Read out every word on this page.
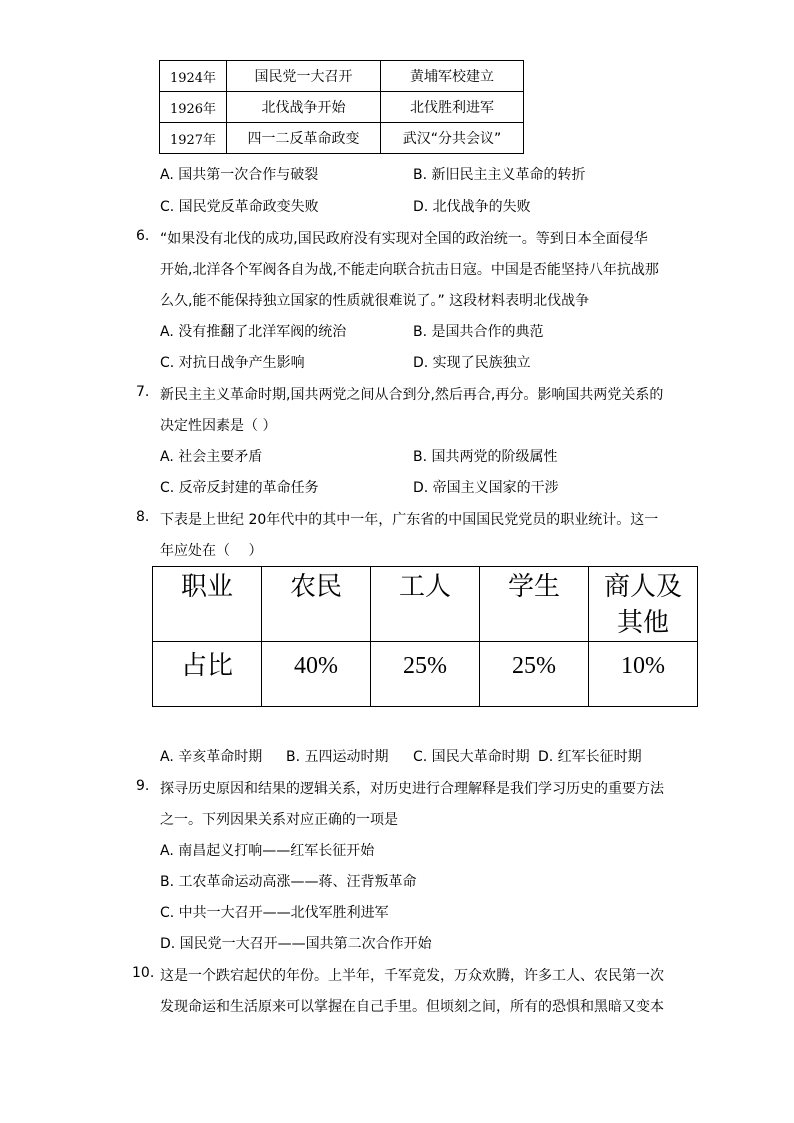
1924年	国民党一大召开	黄埔军校建立
1926年	北伐战争开始	北伐胜利进军
1927年	四一二反革命政变	武汉“分共会议”
A. 国共第一次合作与破裂	B. 新旧民主主义革命的转折
C. 国民党反革命政变失败	D. 北伐战争的失败
6. “如果没有北伐的成功,国民政府没有实现对全国的政治统一。等到日本全面侵华
开始,北洋各个军阀各自为战,不能走向联合抗击日寇。中国是否能坚持八年抗战那
么久,能不能保持独立国家的性质就很难说了。” 这段材料表明北伐战争
A. 没有推翻了北洋军阀的统治	B. 是国共合作的典范
C. 对抗日战争产生影响	D. 实现了民族独立
7. 新民主主义革命时期,国共两党之间从合到分,然后再合,再分。影响国共两党关系的
决定性因素是（ ）
A. 社会主要矛盾	B. 国共两党的阶级属性
C. 反帝反封建的革命任务	D. 帝国主义国家的干涉
8. 下表是上世纪 20年代中的其中一年，广东省的中国国民党党员的职业统计。这一
年应处在（　 ）
职业	农民	工人	学生	商人及
其他

占比	40%	25%	25%	10%
A. 辛亥革命时期 B. 五四运动时期 C. 国民大革命时期 D. 红军长征时期
9. 探寻历史原因和结果的逻辑关系，对历史进行合理解释是我们学习历史的重要方法
之一。下列因果关系对应正确的一项是
A. 南昌起义打响——红军长征开始
B. 工农革命运动高涨——蒋、汪背叛革命
C. 中共一大召开——北伐军胜利进军
D. 国民党一大召开——国共第二次合作开始
10. 这是一个跌宕起伏的年份。上半年，千军竞发，万众欢腾，许多工人、农民第一次
发现命运和生活原来可以掌握在自己手里。但顷刻之间，所有的恐惧和黑暗又变本
